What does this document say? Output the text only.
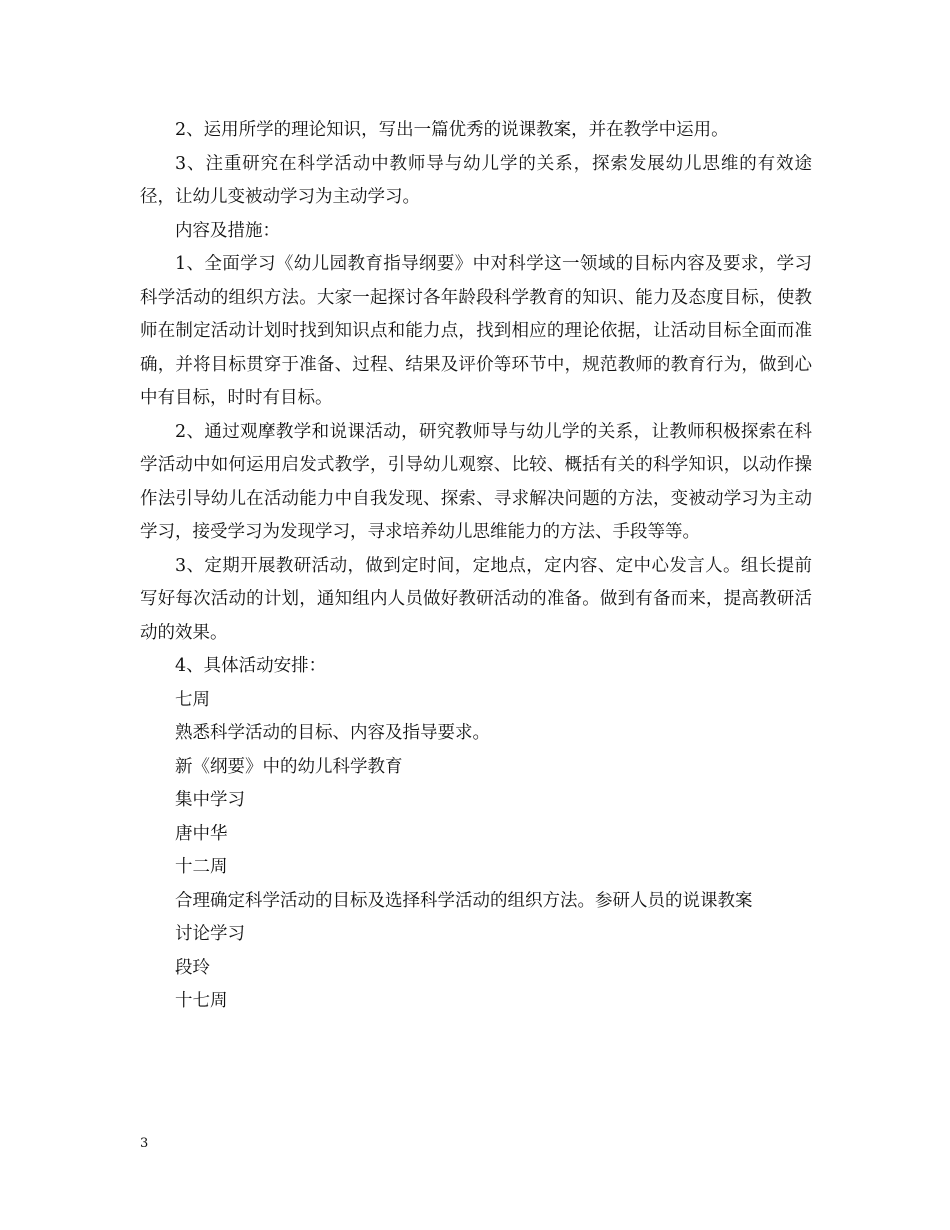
2、运用所学的理论知识，写出一篇优秀的说课教案，并在教学中运用。

3、注重研究在科学活动中教师导与幼儿学的关系，探索发展幼儿思维的有效途径，让幼儿变被动学习为主动学习。

内容及措施：

1、全面学习《幼儿园教育指导纲要》中对科学这一领域的目标内容及要求，学习科学活动的组织方法。大家一起探讨各年龄段科学教育的知识、能力及态度目标，使教师在制定活动计划时找到知识点和能力点，找到相应的理论依据，让活动目标全面而准确，并将目标贯穿于准备、过程、结果及评价等环节中，规范教师的教育行为，做到心中有目标，时时有目标。

2、通过观摩教学和说课活动，研究教师导与幼儿学的关系，让教师积极探索在科学活动中如何运用启发式教学，引导幼儿观察、比较、概括有关的科学知识，以动作操作法引导幼儿在活动能力中自我发现、探索、寻求解决问题的方法，变被动学习为主动学习，接受学习为发现学习，寻求培养幼儿思维能力的方法、手段等等。

3、定期开展教研活动，做到定时间，定地点，定内容、定中心发言人。组长提前写好每次活动的计划，通知组内人员做好教研活动的准备。做到有备而来，提高教研活动的效果。

4、具体活动安排：

七周

熟悉科学活动的目标、内容及指导要求。

新《纲要》中的幼儿科学教育

集中学习

唐中华

十二周

合理确定科学活动的目标及选择科学活动的组织方法。参研人员的说课教案

讨论学习

段玲

十七周

3
